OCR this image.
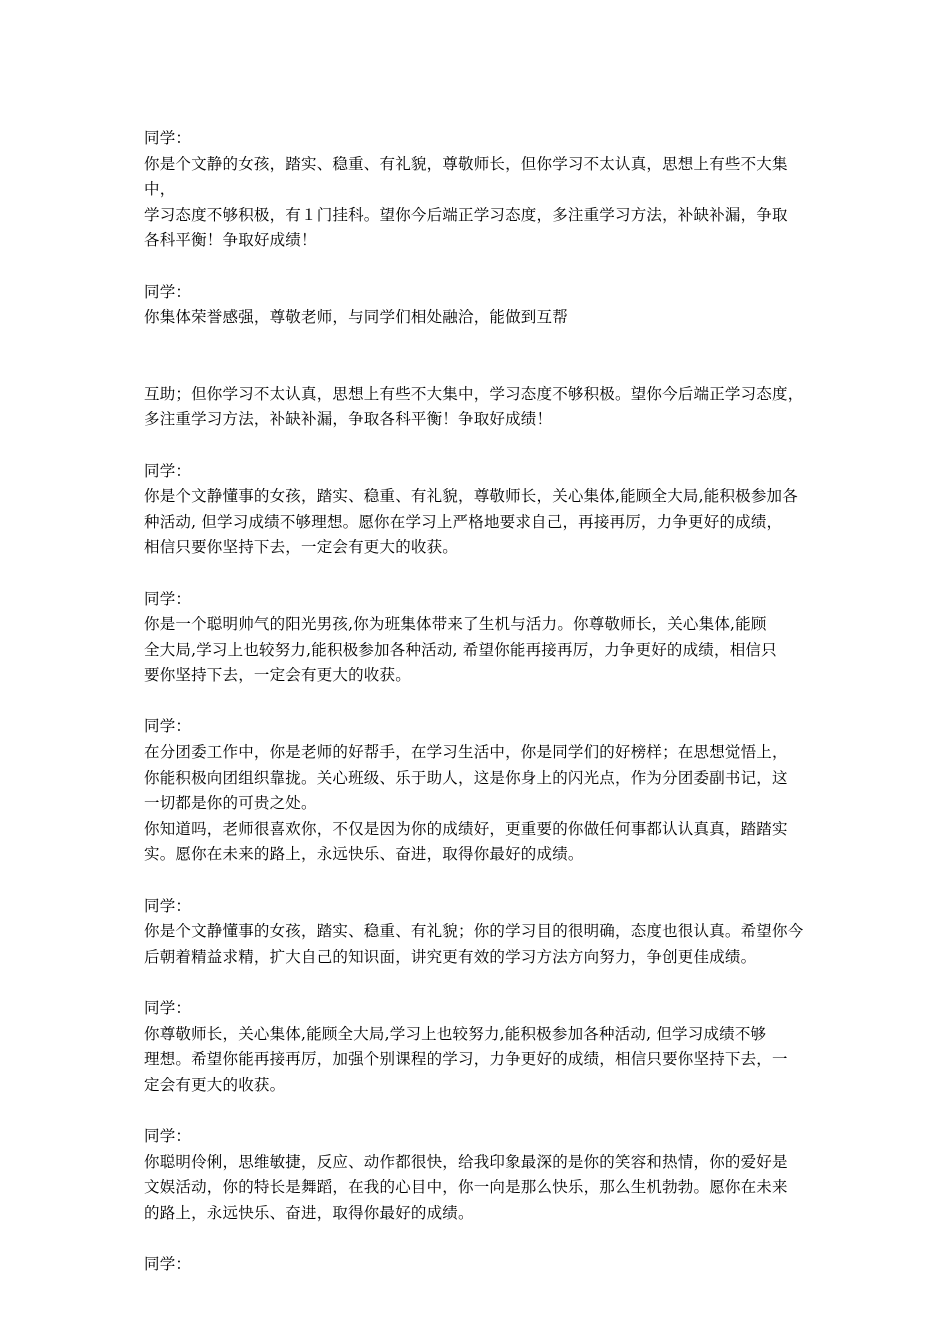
同学：

你是个文静的女孩，踏实、稳重、有礼貌，尊敬师长，但你学习不太认真，思想上有些不大集中，

学习态度不够积极，有１门挂科。望你今后端正学习态度，多注重学习方法，补缺补漏，争取

各科平衡！争取好成绩！

同学：

你集体荣誉感强，尊敬老师，与同学们相处融洽，能做到互帮

互助；但你学习不太认真，思想上有些不大集中，学习态度不够积极。望你今后端正学习态度，

多注重学习方法，补缺补漏，争取各科平衡！争取好成绩！

同学：

你是个文静懂事的女孩，踏实、稳重、有礼貌，尊敬师长，关心集体,能顾全大局,能积极参加各

种活动, 但学习成绩不够理想。愿你在学习上严格地要求自己，再接再厉，力争更好的成绩，

相信只要你坚持下去，一定会有更大的收获。

同学：

你是一个聪明帅气的阳光男孩,你为班集体带来了生机与活力。你尊敬师长，关心集体,能顾

全大局,学习上也较努力,能积极参加各种活动, 希望你能再接再厉，力争更好的成绩，相信只

要你坚持下去，一定会有更大的收获。

同学：

在分团委工作中，你是老师的好帮手，在学习生活中，你是同学们的好榜样；在思想觉悟上，

你能积极向团组织靠拢。关心班级、乐于助人，这是你身上的闪光点，作为分团委副书记，这

一切都是你的可贵之处。

你知道吗，老师很喜欢你，不仅是因为你的成绩好，更重要的你做任何事都认认真真，踏踏实

实。愿你在未来的路上，永远快乐、奋进，取得你最好的成绩。

同学：

你是个文静懂事的女孩，踏实、稳重、有礼貌；你的学习目的很明确，态度也很认真。希望你今

后朝着精益求精，扩大自己的知识面，讲究更有效的学习方法方向努力，争创更佳成绩。

同学：

你尊敬师长，关心集体,能顾全大局,学习上也较努力,能积极参加各种活动, 但学习成绩不够

理想。希望你能再接再厉，加强个别课程的学习，力争更好的成绩，相信只要你坚持下去，一

定会有更大的收获。

同学：

你聪明伶俐，思维敏捷，反应、动作都很快，给我印象最深的是你的笑容和热情，你的爱好是

文娱活动，你的特长是舞蹈，在我的心目中，你一向是那么快乐，那么生机勃勃。愿你在未来

的路上，永远快乐、奋进，取得你最好的成绩。

同学：
